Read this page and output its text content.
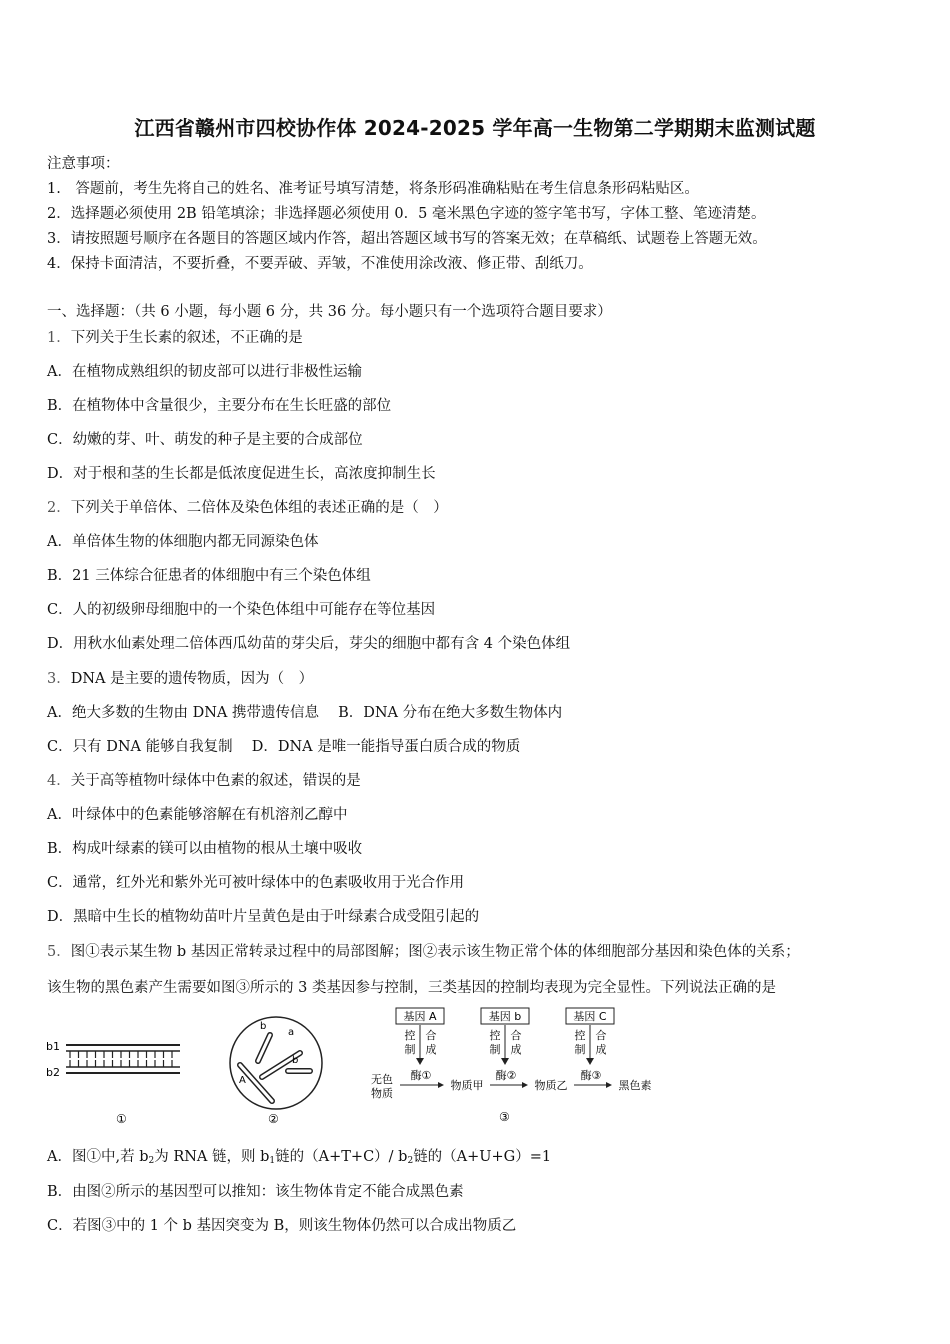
江西省赣州市四校协作体 2024-2025 学年高一生物第二学期期末监测试题
注意事项：
1.　答题前，考生先将自己的姓名、准考证号填写清楚，将条形码准确粘贴在考生信息条形码粘贴区。
2．选择题必须使用 2B 铅笔填涂；非选择题必须使用 0．5 毫米黑色字迹的签字笔书写，字体工整、笔迹清楚。
3．请按照题号顺序在各题目的答题区域内作答，超出答题区域书写的答案无效；在草稿纸、试题卷上答题无效。
4．保持卡面清洁，不要折叠，不要弄破、弄皱，不准使用涂改液、修正带、刮纸刀。
一、选择题：（共 6 小题，每小题 6 分，共 36 分。每小题只有一个选项符合题目要求）
1．下列关于生长素的叙述，不正确的是
A．在植物成熟组织的韧皮部可以进行非极性运输
B．在植物体中含量很少，主要分布在生长旺盛的部位
C．幼嫩的芽、叶、萌发的种子是主要的合成部位
D．对于根和茎的生长都是低浓度促进生长，高浓度抑制生长
2．下列关于单倍体、二倍体及染色体组的表述正确的是（　）
A．单倍体生物的体细胞内都无同源染色体
B．21 三体综合征患者的体细胞中有三个染色体组
C．人的初级卵母细胞中的一个染色体组中可能存在等位基因
D．用秋水仙素处理二倍体西瓜幼苗的芽尖后，芽尖的细胞中都有含 4 个染色体组
3．DNA 是主要的遗传物质，因为（　）
A．绝大多数的生物由 DNA 携带遗传信息　 B．DNA 分布在绝大多数生物体内
C．只有 DNA 能够自我复制　 D．DNA 是唯一能指导蛋白质合成的物质
4．关于高等植物叶绿体中色素的叙述，错误的是
A．叶绿体中的色素能够溶解在有机溶剂乙醇中
B．构成叶绿素的镁可以由植物的根从土壤中吸收
C．通常，红外光和紫外光可被叶绿体中的色素吸收用于光合作用
D．黑暗中生长的植物幼苗叶片呈黄色是由于叶绿素合成受阻引起的
5．图①表示某生物 b 基因正常转录过程中的局部图解；图②表示该生物正常个体的体细胞部分基因和染色体的关系；
该生物的黑色素产生需要如图③所示的 3 类基因参与控制，三类基因的控制均表现为完全显性。下列说法正确的是
b1
b2
①
b
a
b
A
②
基因 A
控
制
合
成
基因 b
控
制
合
成
基因 C
控
制
合
成
无色
物质
酶①
物质甲
酶②
物质乙
酶③
黑色素
③
A．图①中,若 $b_2$为 RNA 链，则 $b_1$链的（A+T+C）/ $b_2$链的（A+U+G）=1
B．由图②所示的基因型可以推知：该生物体肯定不能合成黑色素
C．若图③中的 1 个 b 基因突变为 B，则该生物体仍然可以合成出物质乙
